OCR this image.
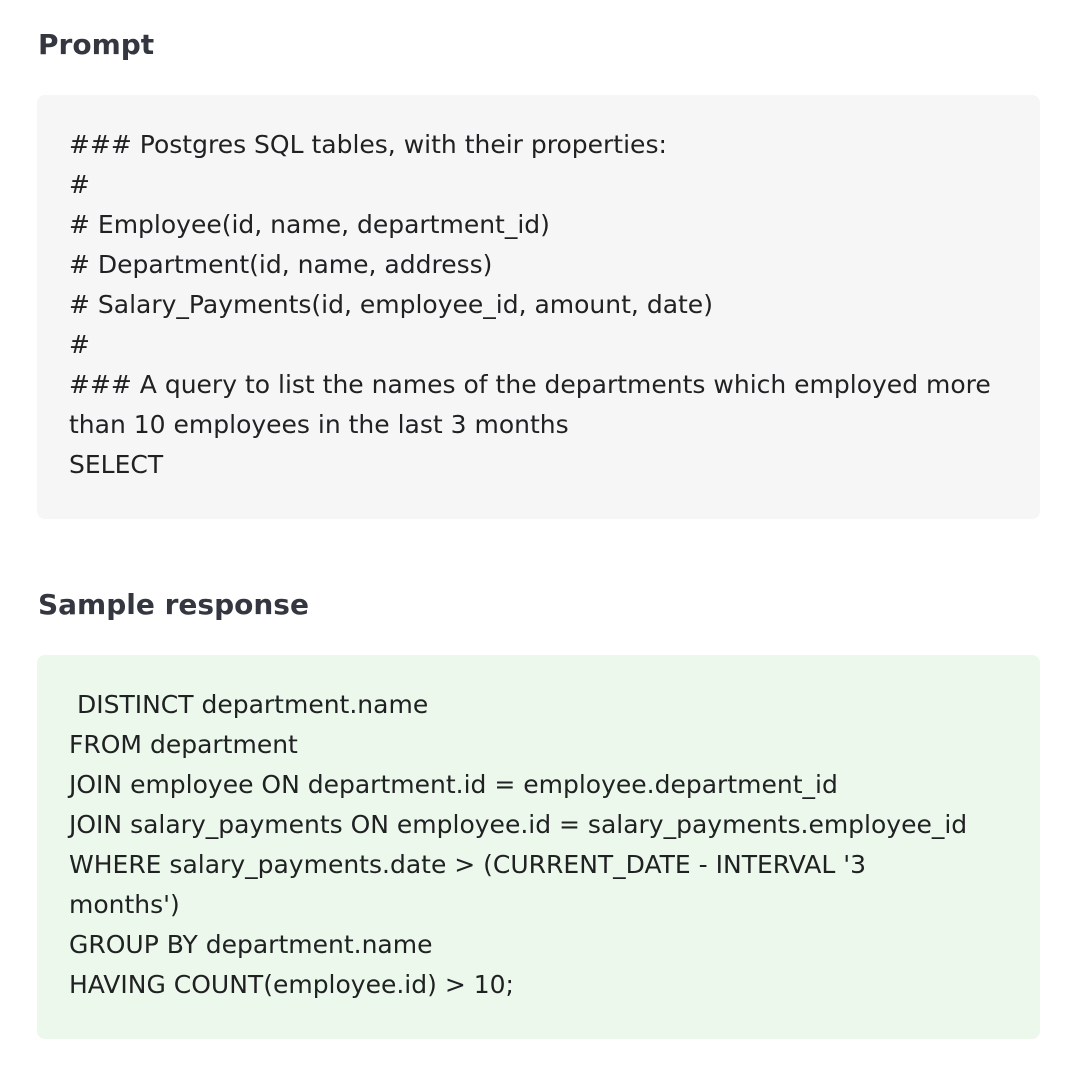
Prompt
### Postgres SQL tables, with their properties:
#
# Employee(id, name, department_id)
# Department(id, name, address)
# Salary_Payments(id, employee_id, amount, date)
#
### A query to list the names of the departments which employed more
than 10 employees in the last 3 months
SELECT
Sample response
DISTINCT department.name
FROM department
JOIN employee ON department.id = employee.department_id
JOIN salary_payments ON employee.id = salary_payments.employee_id
WHERE salary_payments.date > (CURRENT_DATE - INTERVAL '3
months')
GROUP BY department.name
HAVING COUNT(employee.id) > 10;
